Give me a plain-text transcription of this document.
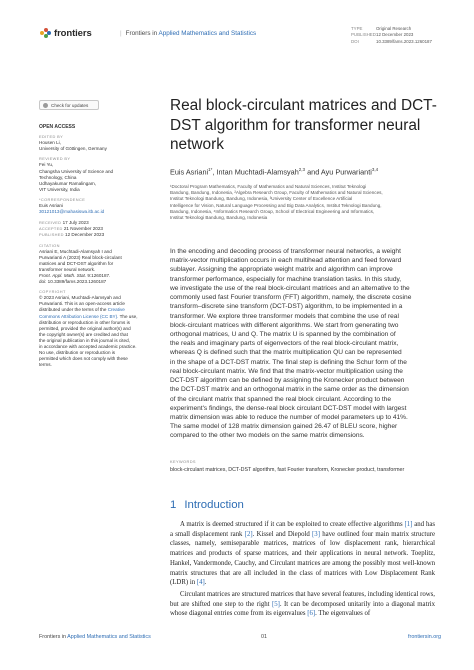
frontiers	| Frontiers in Applied Mathematics and Statistics
TYPE	Original Research
PUBLISHED12 December 2023
DOI	10.3389/fams.2023.1260187
Check for updates
OPEN ACCESS
EDITED BY
Housen Li,
University of Göttingen, Germany
REVIEWED BY
Fei Yu,
Changsha University of Science and
Technology, China
Udhayakumar Ramalingam,
VIT University, India
*CORRESPONDENCE
Euis Asriani
30121013@mahasiswa.itb.ac.id
RECEIVED 17 July 2023
ACCEPTED 21 November 2023
PUBLISHED 12 December 2023
CITATION
Asriani E, Muchtadi-Alamsyah I and
Purwarianti A (2023) Real block-circulant
matrices and DCT-DST algorithm for
transformer neural network.
Front. Appl. Math. Stat. 9:1260187.
doi: 10.3389/fams.2023.1260187
COPYRIGHT
© 2023 Asriani, Muchtadi-Alamsyah and
Purwarianti. This is an open-access article
distributed under the terms of the Creative
Commons Attribution License (CC BY). The use,
distribution or reproduction in other forums is
permitted, provided the original author(s) and
the copyright owner(s) are credited and that
the original publication in this journal is cited,
in accordance with accepted academic practice.
No use, distribution or reproduction is
permitted which does not comply with these
terms.
Real block-circulant matrices and DCT-DST algorithm for transformer neural network
Euis Asriani$^{1*}$, Intan Muchtadi-Alamsyah$^{2,3}$ and Ayu Purwarianti$^{3,4}$
¹Doctoral Program Mathematics, Faculty of Mathematics and Natural Sciences, Institut Teknologi
Bandung, Bandung, Indonesia, ²Algebra Research Group, Faculty of Mathematics and Natural Sciences,
Institut Teknologi Bandung, Bandung, Indonesia, ³University Center of Excellence Artificial
Intelligence for Vision, Natural Language Processing and Big Data Analytics, Institut Teknologi Bandung,
Bandung, Indonesia, ⁴Informatics Research Group, School of Electrical Engineering and Informatics,
Institut Teknologi Bandung, Bandung, Indonesia
In the encoding and decoding process of transformer neural networks, a weight
matrix-vector multiplication occurs in each multihead attention and feed forward
sublayer. Assigning the appropriate weight matrix and algorithm can improve
transformer performance, especially for machine translation tasks. In this study,
we investigate the use of the real block-circulant matrices and an alternative to the
commonly used fast Fourier transform (FFT) algorithm, namely, the discrete cosine
transform–discrete sine transform (DCT-DST) algorithm, to be implemented in a
transformer. We explore three transformer models that combine the use of real
block-circulant matrices with different algorithms. We start from generating two
orthogonal matrices, U and Q. The matrix U is spanned by the combination of
the reals and imaginary parts of eigenvectors of the real block-circulant matrix,
whereas Q is defined such that the matrix multiplication QU can be represented
in the shape of a DCT-DST matrix. The final step is defining the Schur form of the
real block-circulant matrix. We find that the matrix-vector multiplication using the
DCT-DST algorithm can be defined by assigning the Kronecker product between
the DCT-DST matrix and an orthogonal matrix in the same order as the dimension
of the circulant matrix that spanned the real block circulant. According to the
experiment's findings, the dense-real block circulant DCT-DST model with largest
matrix dimension was able to reduce the number of model parameters up to 41%.
The same model of 128 matrix dimension gained 26.47 of BLEU score, higher
compared to the other two models on the same matrix dimensions.
KEYWORDS
block-circulant matrices, DCT-DST algorithm, fast Fourier transform, Kronecker product, transformer
1 Introduction

A matrix is deemed structured if it can be exploited to create effective algorithms [1] and has a small displacement rank [2]. Kissel and Diepold [3] have outlined four main matrix structure classes, namely, semiseparable matrices, matrices of low displacement rank, hierarchical matrices and products of sparse matrices, and their applications in neural network. Toeplitz, Hankel, Vandermonde, Cauchy, and Circulant matrices are among the possibly most well-known matrix structures that are all included in the class of matrices with Low Displacement Rank (LDR) in [4].

Circulant matrices are structured matrices that have several features, including identical rows, but are shifted one step to the right [5]. It can be decomposed unitarily into a diagonal matrix whose diagonal entries come from its eigenvalues [6]. The eigenvalues of

Frontiers in Applied Mathematics and Statistics	01	frontiersin.org
